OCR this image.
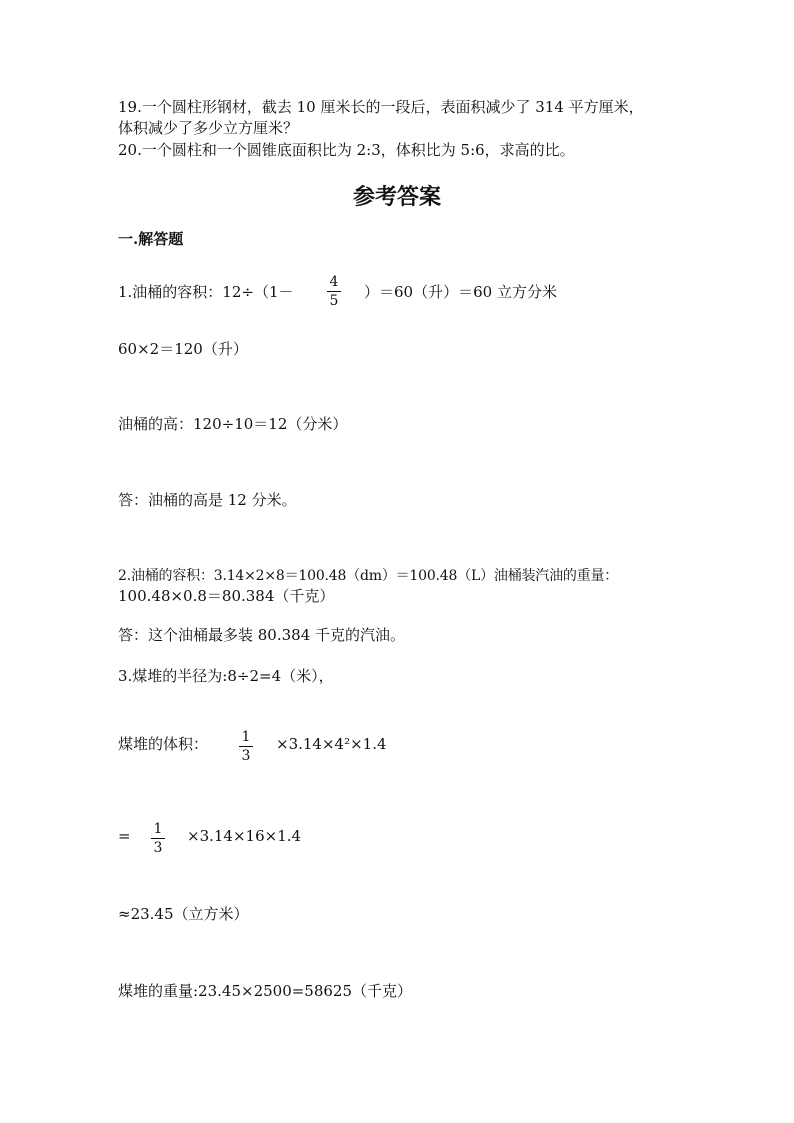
19.一个圆柱形钢材，截去 10 厘米长的一段后，表面积减少了 314 平方厘米，
体积减少了多少立方厘米？
20.一个圆柱和一个圆锥底面积比为 2:3，体积比为 5:6，求高的比。
参考答案
一.解答题
1.油桶的容积：12÷（1－
4
5 ）＝60（升）＝60 立方分米
60×2＝120（升）
油桶的高：120÷10＝12（分米）
答：油桶的高是 12 分米。
2.油桶的容积：3.14×2×8＝100.48（dm）＝100.48（L）油桶装汽油的重量：
100.48×0.8＝80.384（千克）
答：这个油桶最多装 80.384 千克的汽油。
3.煤堆的半径为:8÷2=4（米），
煤堆的体积： 1
3
×3.14×4²×1.4
= 1
3
×3.14×16×1.4
≈23.45（立方米）
煤堆的重量:23.45×2500=58625（千克）
